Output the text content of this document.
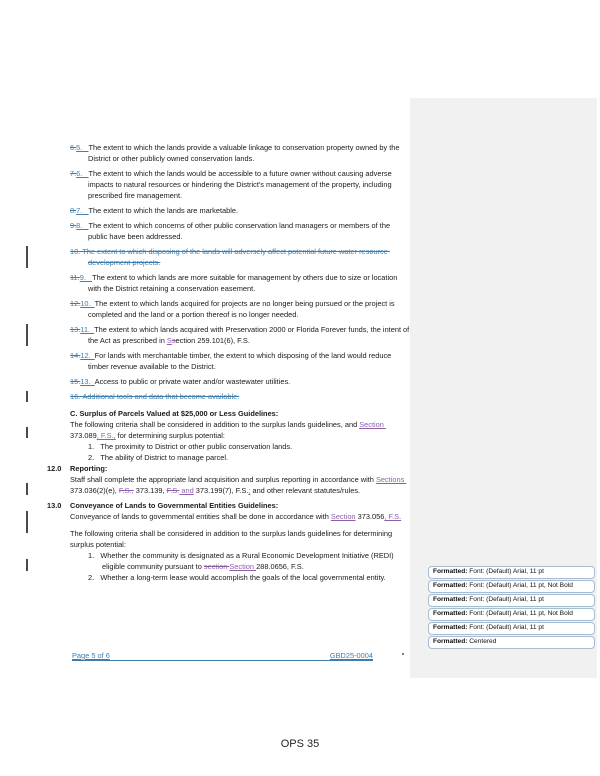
6.5. The extent to which the lands provide a valuable linkage to conservation property owned by the District or other publicly owned conservation lands.
7.6. The extent to which the lands would be accessible to a future owner without causing adverse impacts to natural resources or hindering the District's management of the property, including prescribed fire management.
8.7. The extent to which the lands are marketable.
9.8. The extent to which concerns of other public conservation land managers or members of the public have been addressed.
10. The extent to which disposing of the lands will adversely affect potential future water resource development projects.
11.9. The extent to which lands are more suitable for management by others due to size or location with the District retaining a conservation easement.
12.10. The extent to which lands acquired for projects are no longer being pursued or the project is completed and the land or a portion thereof is no longer needed.
13.11. The extent to which lands acquired with Preservation 2000 or Florida Forever funds, the intent of the Act as prescribed in Ssection 259.101(6), F.S.
14.12. For lands with merchantable timber, the extent to which disposing of the land would reduce timber revenue available to the District.
15.13. Access to public or private water and/or wastewater utilities.
16. Additional tools and data that become available.
C. Surplus of Parcels Valued at $25,000 or Less Guidelines:
The following criteria shall be considered in addition to the surplus lands guidelines, and Section 373.089, F.S., for determining surplus potential:
1.   The proximity to District or other public conservation lands.
2.   The ability of District to manage parcel.
12.0 Reporting:
Staff shall complete the appropriate land acquisition and surplus reporting in accordance with Sections 373.036(2)(e), F.S., 373.139, F.S. and 373.199(7), F.S.; and other relevant statutes/rules.
13.0 Conveyance of Lands to Governmental Entities Guidelines:
Conveyance of lands to governmental entities shall be done in accordance with Section 373.056, F.S.
The following criteria shall be considered in addition to the surplus lands guidelines for determining surplus potential:
1.   Whether the community is designated as a Rural Economic Development Initiative (REDI) eligible community pursuant to section Section 288.0656, F.S.
2.   Whether a long-term lease would accomplish the goals of the local governmental entity.
Formatted: Font: (Default) Arial, 11 pt
Formatted: Font: (Default) Arial, 11 pt, Not Bold
Formatted: Font: (Default) Arial, 11 pt
Formatted: Font: (Default) Arial, 11 pt, Not Bold
Formatted: Font: (Default) Arial, 11 pt
Formatted: Centered
Page 5 of 6	GBD25-0004
OPS 35
